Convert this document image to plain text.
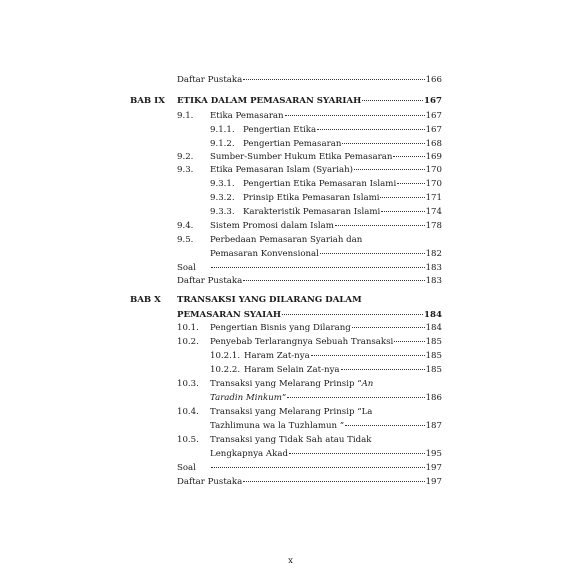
Daftar Pustaka	166
BAB IX ETIKA DALAM PEMASARAN SYARIAH	167
9.1.	Etika Pemasaran	167
9.1.1. Pengertian Etika	167
9.1.2. Pengertian Pemasaran	168
9.2.	Sumber-Sumber Hukum Etika Pemasaran	169
9.3.	Etika Pemasaran Islam (Syariah)	170
9.3.1. Pengertian Etika Pemasaran Islami	170
9.3.2. Prinsip Etika Pemasaran Islami	171
9.3.3. Karakteristik Pemasaran Islami	174
9.4.	Sistem Promosi dalam Islam	178
9.5.	Perbedaan Pemasaran Syariah dan
Pemasaran Konvensional	182
Soal	183
Daftar Pustaka	183
BAB X TRANSAKSI YANG DILARANG DALAM
PEMASARAN SYAIAH	184
10.1.	Pengertian Bisnis yang Dilarang	184
10.2.	Penyebab Terlarangnya Sebuah Transaksi	185
10.2.1. Haram Zat-nya	185
10.2.2. Haram Selain Zat-nya	185
10.3.	Transaksi yang Melarang Prinsip “ An
Taradin Minkum ”	186
10.4.	Transaksi yang Melarang Prinsip “La
Tazhlimuna wa la Tuzhlamun ”	187
10.5.	Transaksi yang Tidak Sah atau Tidak
Lengkapnya Akad	195
Soal	197
Daftar Pustaka	197
x
